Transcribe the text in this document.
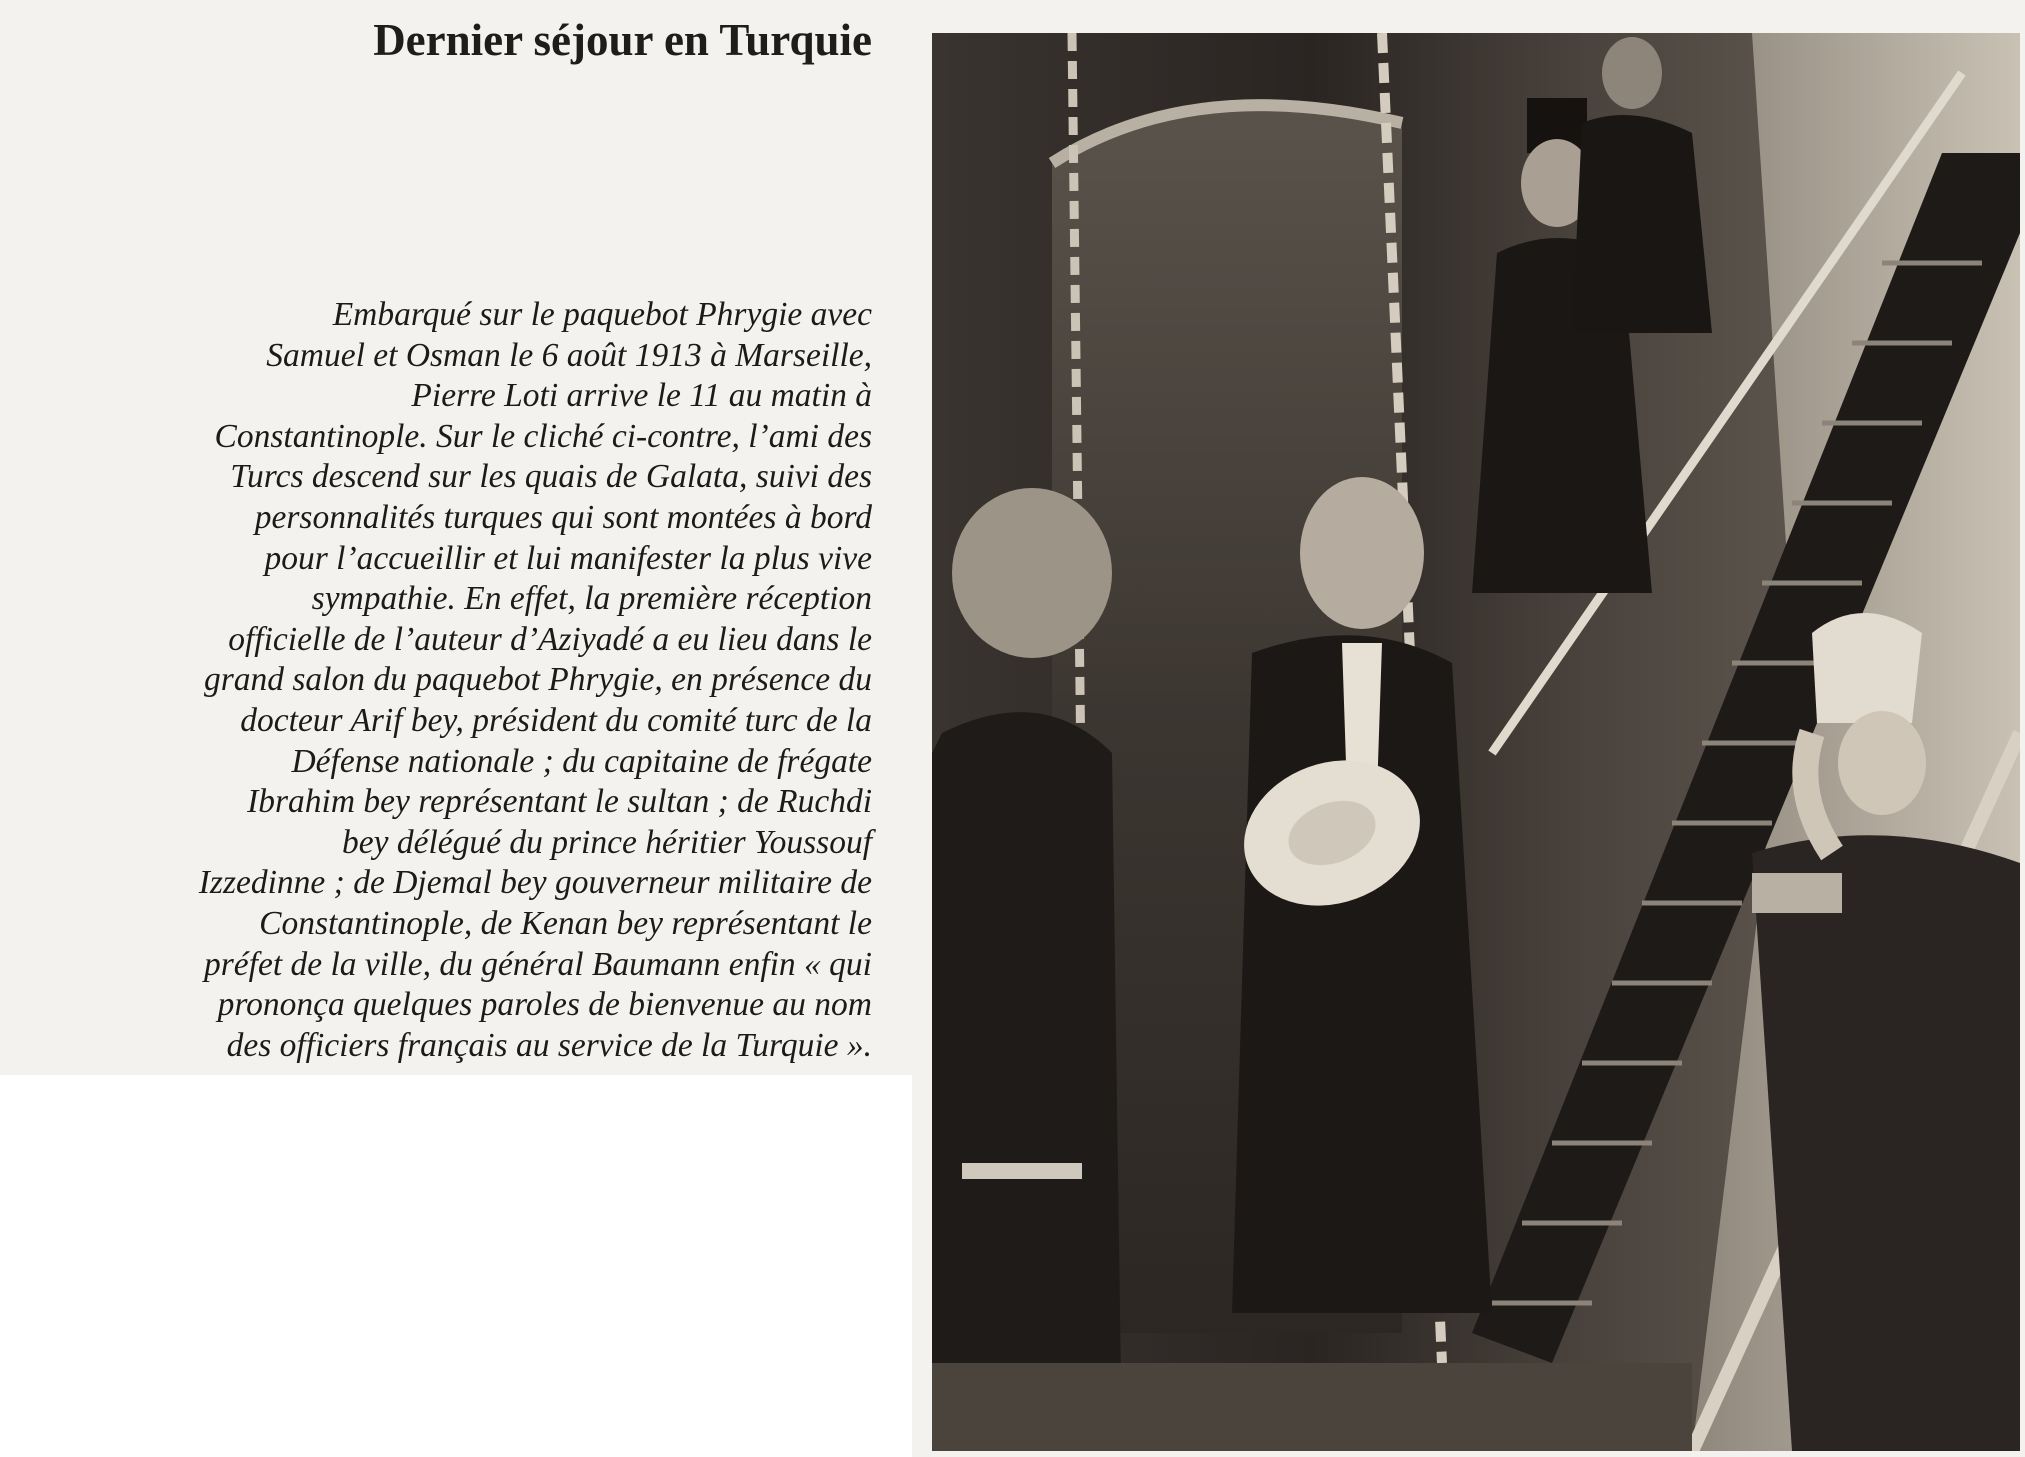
Dernier séjour en Turquie

Embarqué sur le paquebot Phrygie avec
Samuel et Osman le 6 août 1913 à Marseille,
Pierre Loti arrive le 11 au matin à
Constantinople. Sur le cliché ci-contre, l’ami des
Turcs descend sur les quais de Galata, suivi des
personnalités turques qui sont montées à bord
pour l’accueillir et lui manifester la plus vive
sympathie. En effet, la première réception
officielle de l’auteur d’Aziyadé a eu lieu dans le
grand salon du paquebot Phrygie, en présence du
docteur Arif bey, président du comité turc de la
Défense nationale ; du capitaine de frégate
Ibrahim bey représentant le sultan ; de Ruchdi
bey délégué du prince héritier Youssouf
Izzedinne ; de Djemal bey gouverneur militaire de
Constantinople, de Kenan bey représentant le
préfet de la ville, du général Baumann enfin « qui
prononça quelques paroles de bienvenue au nom
des officiers français au service de la Turquie ».
